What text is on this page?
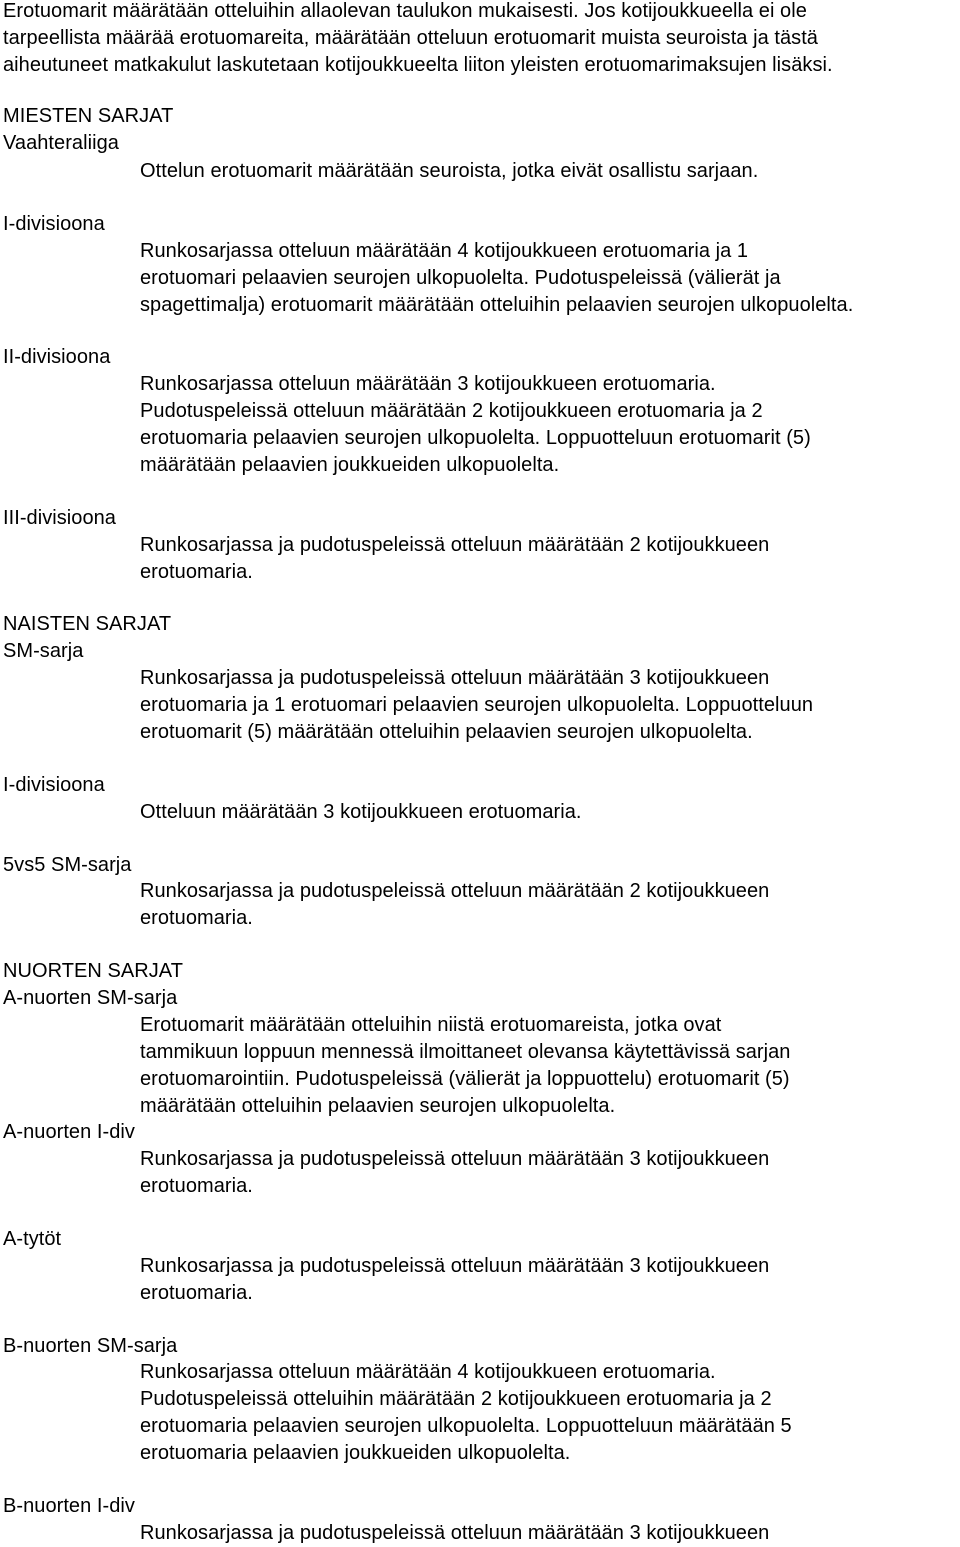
Erotuomarit määrätään otteluihin allaolevan taulukon mukaisesti. Jos kotijoukkueella ei ole
tarpeellista määrää erotuomareita, määrätään otteluun erotuomarit muista seuroista ja tästä
aiheutuneet matkakulut laskutetaan kotijoukkueelta liiton yleisten erotuomarimaksujen lisäksi.
MIESTEN SARJAT
Vaahteraliiga
Ottelun erotuomarit määrätään seuroista, jotka eivät osallistu sarjaan.
I-divisioona
Runkosarjassa otteluun määrätään 4 kotijoukkueen erotuomaria ja 1
erotuomari pelaavien seurojen ulkopuolelta. Pudotuspeleissä (välierät ja
spagettimalja) erotuomarit määrätään otteluihin pelaavien seurojen ulkopuolelta.
II-divisioona
Runkosarjassa otteluun määrätään 3 kotijoukkueen erotuomaria.
Pudotuspeleissä otteluun määrätään 2 kotijoukkueen erotuomaria ja 2
erotuomaria pelaavien seurojen ulkopuolelta. Loppuotteluun erotuomarit (5)
määrätään pelaavien joukkueiden ulkopuolelta.
III-divisioona
Runkosarjassa ja pudotuspeleissä otteluun määrätään 2 kotijoukkueen
erotuomaria.
NAISTEN SARJAT
SM-sarja
Runkosarjassa ja pudotuspeleissä otteluun määrätään 3 kotijoukkueen
erotuomaria ja 1 erotuomari pelaavien seurojen ulkopuolelta. Loppuotteluun
erotuomarit (5) määrätään otteluihin pelaavien seurojen ulkopuolelta.
I-divisioona
Otteluun määrätään 3 kotijoukkueen erotuomaria.
5vs5 SM-sarja
Runkosarjassa ja pudotuspeleissä otteluun määrätään 2 kotijoukkueen
erotuomaria.
NUORTEN SARJAT
A-nuorten SM-sarja
Erotuomarit määrätään otteluihin niistä erotuomareista, jotka ovat
tammikuun loppuun mennessä ilmoittaneet olevansa käytettävissä sarjan
erotuomarointiin. Pudotuspeleissä (välierät ja loppuottelu) erotuomarit (5)
määrätään otteluihin pelaavien seurojen ulkopuolelta.
A-nuorten I-div
Runkosarjassa ja pudotuspeleissä otteluun määrätään 3 kotijoukkueen
erotuomaria.
A-tytöt
Runkosarjassa ja pudotuspeleissä otteluun määrätään 3 kotijoukkueen
erotuomaria.
B-nuorten SM-sarja
Runkosarjassa otteluun määrätään 4 kotijoukkueen erotuomaria.
Pudotuspeleissä otteluihin määrätään 2 kotijoukkueen erotuomaria ja 2
erotuomaria pelaavien seurojen ulkopuolelta. Loppuotteluun määrätään 5
erotuomaria pelaavien joukkueiden ulkopuolelta.
B-nuorten I-div
Runkosarjassa ja pudotuspeleissä otteluun määrätään 3 kotijoukkueen
